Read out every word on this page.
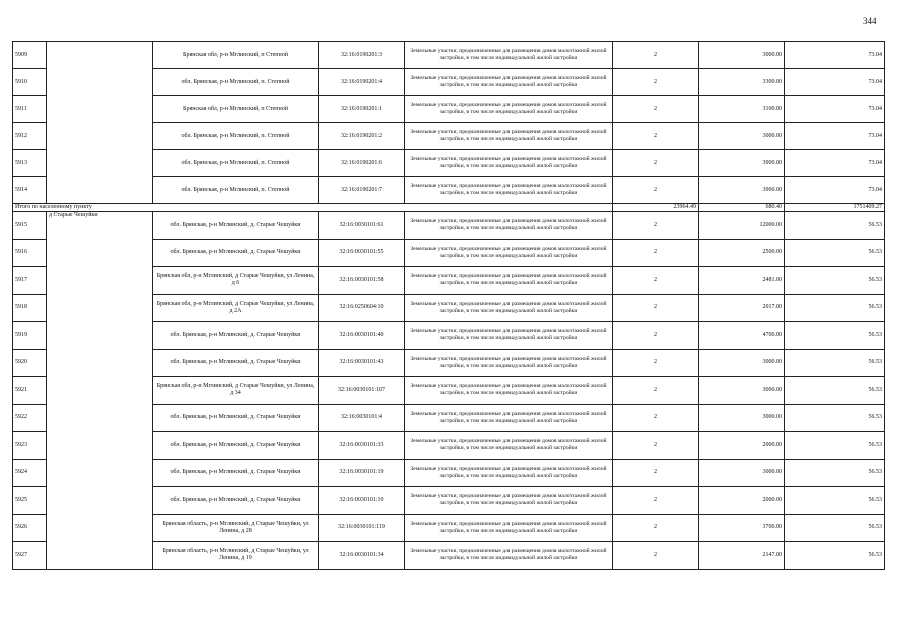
344
5909		Брянская обл, р-н Мглинский, п Степной	32:16:0190201:3	Земельные участки, предназначенные для размещения домов малоэтажной жилой застройки, в том числе индивидуальной жилой застройки	2	3000.00	73.04	
5910		обл. Брянская, р-н Мглинский, п. Степной	32:16:0190201:4	Земельные участки, предназначенные для размещения домов малоэтажной жилой застройки, в том числе индивидуальной жилой застройки	2	3300.00	73.04	
5911		Брянская обл, р-н Мглинский, п Степной	32:16:0190201:1	Земельные участки, предназначенные для размещения домов малоэтажной жилой застройки, в том числе индивидуальной жилой застройки	2	3100.00	73.04	
5912		обл. Брянская, р-н Мглинский, п. Степной	32:16:0190201:2	Земельные участки, предназначенные для размещения домов малоэтажной жилой застройки, в том числе индивидуальной жилой застройки	2	3000.00	73.04	
5913		обл. Брянская, р-н Мглинский, п. Степной	32:16:0190201:6	Земельные участки, предназначенные для размещения домов малоэтажной жилой застройки, в том числе индивидуальной жилой застройки	2	3900.00	73.04	
5914		обл. Брянская, р-н Мглинский, п. Степной	32:16:0190201:7	Земельные участки, предназначенные для размещения домов малоэтажной жилой застройки, в том числе индивидуальной жилой застройки	2	3900.00	73.04	
Итого по населенному пункту					23964.49	680.40	1751409.27	
5915	д Старые Чешуйки	обл. Брянская, р-н Мглинский, д. Старые Чешуйки	32:16:0030101:61	Земельные участки, предназначенные для размещения домов малоэтажной жилой застройки, в том числе индивидуальной жилой застройки	2	12000.00	56.53	
5916		обл. Брянская, р-н Мглинский, д. Старые Чешуйки	32:16:0030101:55	Земельные участки, предназначенные для размещения домов малоэтажной жилой застройки, в том числе индивидуальной жилой застройки	2	2500.00	56.53	
5917		Брянская обл, р-н Мглинский, д Старые Чешуйки, ул Ленина, д 6	32:16:0030101:58	Земельные участки, предназначенные для размещения домов малоэтажной жилой застройки, в том числе индивидуальной жилой застройки	2	2481.00	56.53	
5918		Брянская обл, р-н Мглинский, д Старые Чешуйки, ул Ленина, д 2А	32:16:0250604:10	Земельные участки, предназначенные для размещения домов малоэтажной жилой застройки, в том числе индивидуальной жилой застройки	2	2017.00	56.53	
5919		обл. Брянская, р-н Мглинский, д. Старые Чешуйки	32:16:0030101:40	Земельные участки, предназначенные для размещения домов малоэтажной жилой застройки, в том числе индивидуальной жилой застройки	2	4700.00	56.53	
5920		обл. Брянская, р-н Мглинский, д. Старые Чешуйки	32:16:0030101:43	Земельные участки, предназначенные для размещения домов малоэтажной жилой застройки, в том числе индивидуальной жилой застройки	2	3000.00	56.53	
5921		Брянская обл, р-н Мглинский, д Старые Чешуйки, ул Ленина, д 34	32:16:0030101:107	Земельные участки, предназначенные для размещения домов малоэтажной жилой застройки, в том числе индивидуальной жилой застройки	2	3000.00	56.53	
5922		обл. Брянская, р-н Мглинский, д. Старые Чешуйки	32:16:0030101:4	Земельные участки, предназначенные для размещения домов малоэтажной жилой застройки, в том числе индивидуальной жилой застройки	2	3000.00	56.53	
5923		обл. Брянская, р-н Мглинский, д. Старые Чешуйки	32:16:0030101:33	Земельные участки, предназначенные для размещения домов малоэтажной жилой застройки, в том числе индивидуальной жилой застройки	2	2000.00	56.53	
5924		обл. Брянская, р-н Мглинский, д. Старые Чешуйки	32:16:0030101:19	Земельные участки, предназначенные для размещения домов малоэтажной жилой застройки, в том числе индивидуальной жилой застройки	2	3000.00	56.53	
5925		обл. Брянская, р-н Мглинский, д. Старые Чешуйки	32:16:0030101:10	Земельные участки, предназначенные для размещения домов малоэтажной жилой застройки, в том числе индивидуальной жилой застройки	2	2000.00	56.53	
5926		Брянская область, р-н Мглинский, д Старые Чешуйки, ул Ленина, д 28	32:16:0030101:119	Земельные участки, предназначенные для размещения домов малоэтажной жилой застройки, в том числе индивидуальной жилой застройки	2	3700.00	56.53	
5927		Брянская область, р-н Мглинский, д Старые Чешуйки, ул Ленина, д 19	32:16:0030101:34	Земельные участки, предназначенные для размещения домов малоэтажной жилой застройки, в том числе индивидуальной жилой застройки	2	2147.00	56.53	
